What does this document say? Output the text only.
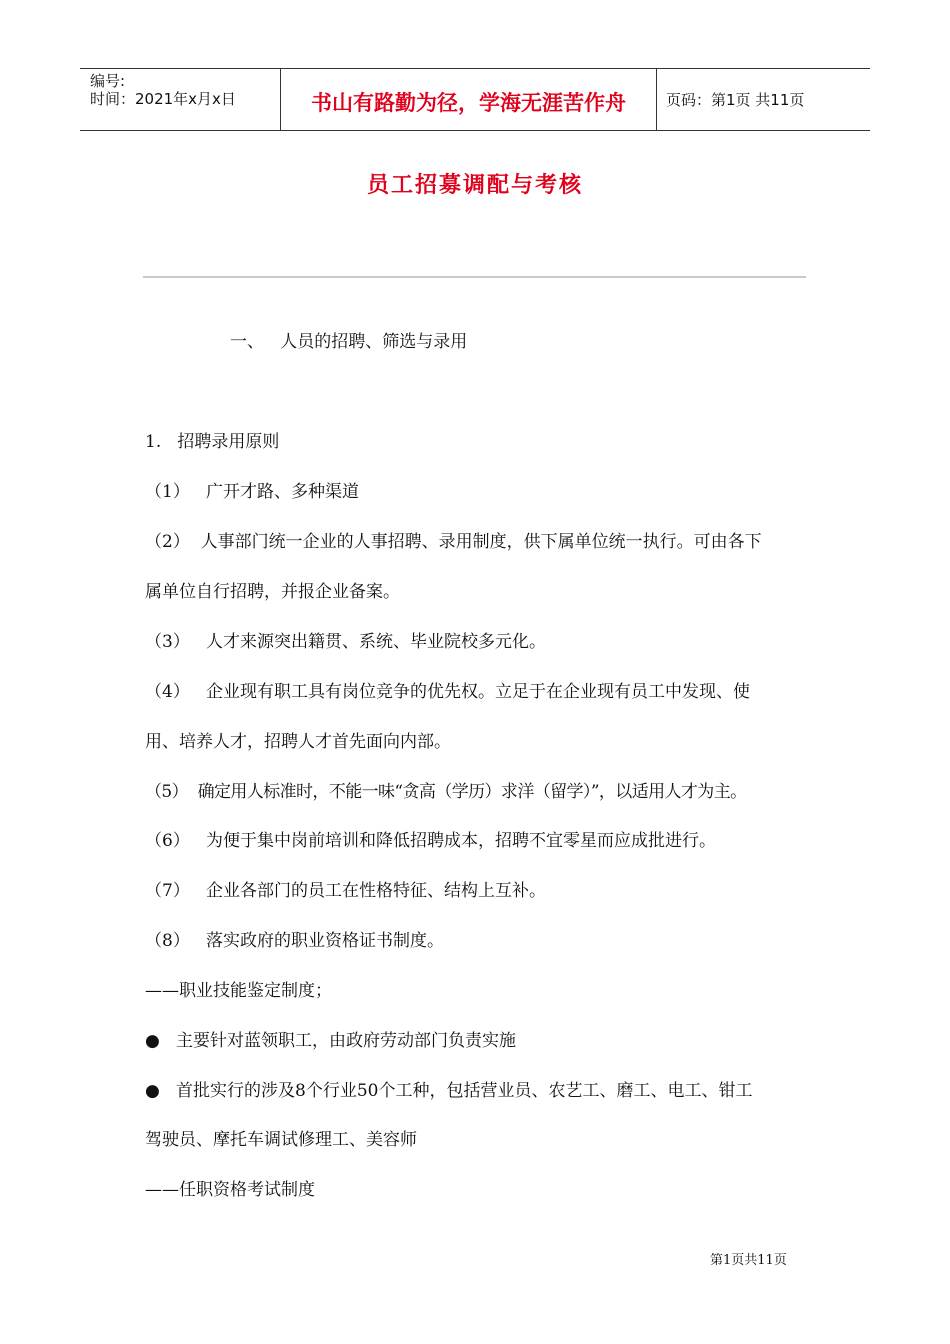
编号:
时间：2021年x月x日	书山有路勤为径，学海无涯苦作舟	页码：第1页 共11页
员工招募调配与考核
一、   人员的招聘、筛选与录用
1.   招聘录用原则
（1）   广开才路、多种渠道
（2）  人事部门统一企业的人事招聘、录用制度，供下属单位统一执行。可由各下
属单位自行招聘，并报企业备案。
（3）   人才来源突出籍贯、系统、毕业院校多元化。
（4）   企业现有职工具有岗位竞争的优先权。立足于在企业现有员工中发现、使
用、培养人才，招聘人才首先面向内部。
（5）  确定用人标准时，不能一味“贪高（学历）求洋（留学）”，以适用人才为主。
（6）   为便于集中岗前培训和降低招聘成本，招聘不宜零星而应成批进行。
（7）   企业各部门的员工在性格特征、结构上互补。
（8）   落实政府的职业资格证书制度。
——职业技能鉴定制度；
●   主要针对蓝领职工，由政府劳动部门负责实施
●   首批实行的涉及8个行业50个工种，包括营业员、农艺工、磨工、电工、钳工
驾驶员、摩托车调试修理工、美容师
——任职资格考试制度
第1页共11页
